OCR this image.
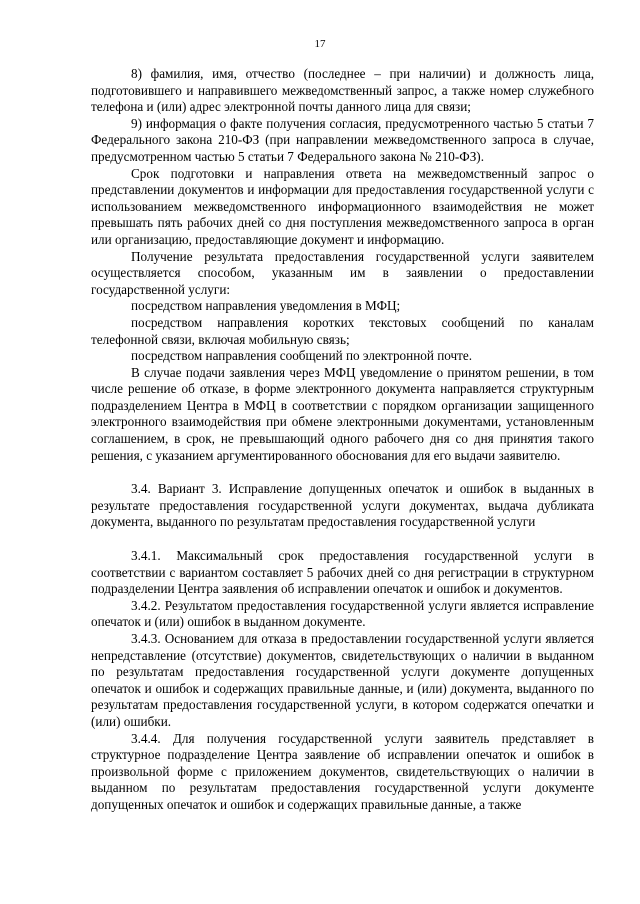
17

8) фамилия, имя, отчество (последнее – при наличии) и должность лица, подготовившего и направившего межведомственный запрос, а также номер служебного телефона и (или) адрес электронной почты данного лица для связи;

9) информация о факте получения согласия, предусмотренного частью 5 статьи 7 Федерального закона 210-ФЗ (при направлении межведомственного запроса в случае, предусмотренном частью 5 статьи 7 Федерального закона № 210-ФЗ).

Срок подготовки и направления ответа на межведомственный запрос о представлении документов и информации для предоставления государственной услуги с использованием межведомственного информационного взаимодействия не может превышать пять рабочих дней со дня поступления межведомственного запроса в орган или организацию, предоставляющие документ и информацию.

Получение результата предоставления государственной услуги заявителем осуществляется способом, указанным им в заявлении о предоставлении государственной услуги:

посредством направления уведомления в МФЦ;

посредством направления коротких текстовых сообщений по каналам телефонной связи, включая мобильную связь;

посредством направления сообщений по электронной почте.

В случае подачи заявления через МФЦ уведомление о принятом решении, в том числе решение об отказе, в форме электронного документа направляется структурным подразделением Центра в МФЦ в соответствии с порядком организации защищенного электронного взаимодействия при обмене электронными документами, установленным соглашением, в срок, не превышающий одного рабочего дня со дня принятия такого решения, с указанием аргументированного обоснования для его выдачи заявителю.

3.4. Вариант 3. Исправление допущенных опечаток и ошибок в выданных в результате предоставления государственной услуги документах, выдача дубликата документа, выданного по результатам предоставления государственной услуги

3.4.1. Максимальный срок предоставления государственной услуги в соответствии с вариантом составляет 5 рабочих дней со дня регистрации в структурном подразделении Центра заявления об исправлении опечаток и ошибок и документов.

3.4.2. Результатом предоставления государственной услуги является исправление опечаток и (или) ошибок в выданном документе.

3.4.3. Основанием для отказа в предоставлении государственной услуги является непредставление (отсутствие) документов, свидетельствующих о наличии в выданном по результатам предоставления государственной услуги документе допущенных опечаток и ошибок и содержащих правильные данные, и (или) документа, выданного по результатам предоставления государственной услуги, в котором содержатся опечатки и (или) ошибки.

3.4.4. Для получения государственной услуги заявитель представляет в структурное подразделение Центра заявление об исправлении опечаток и ошибок в произвольной форме с приложением документов, свидетельствующих о наличии в выданном по результатам предоставления государственной услуги документе допущенных опечаток и ошибок и содержащих правильные данные, а также
